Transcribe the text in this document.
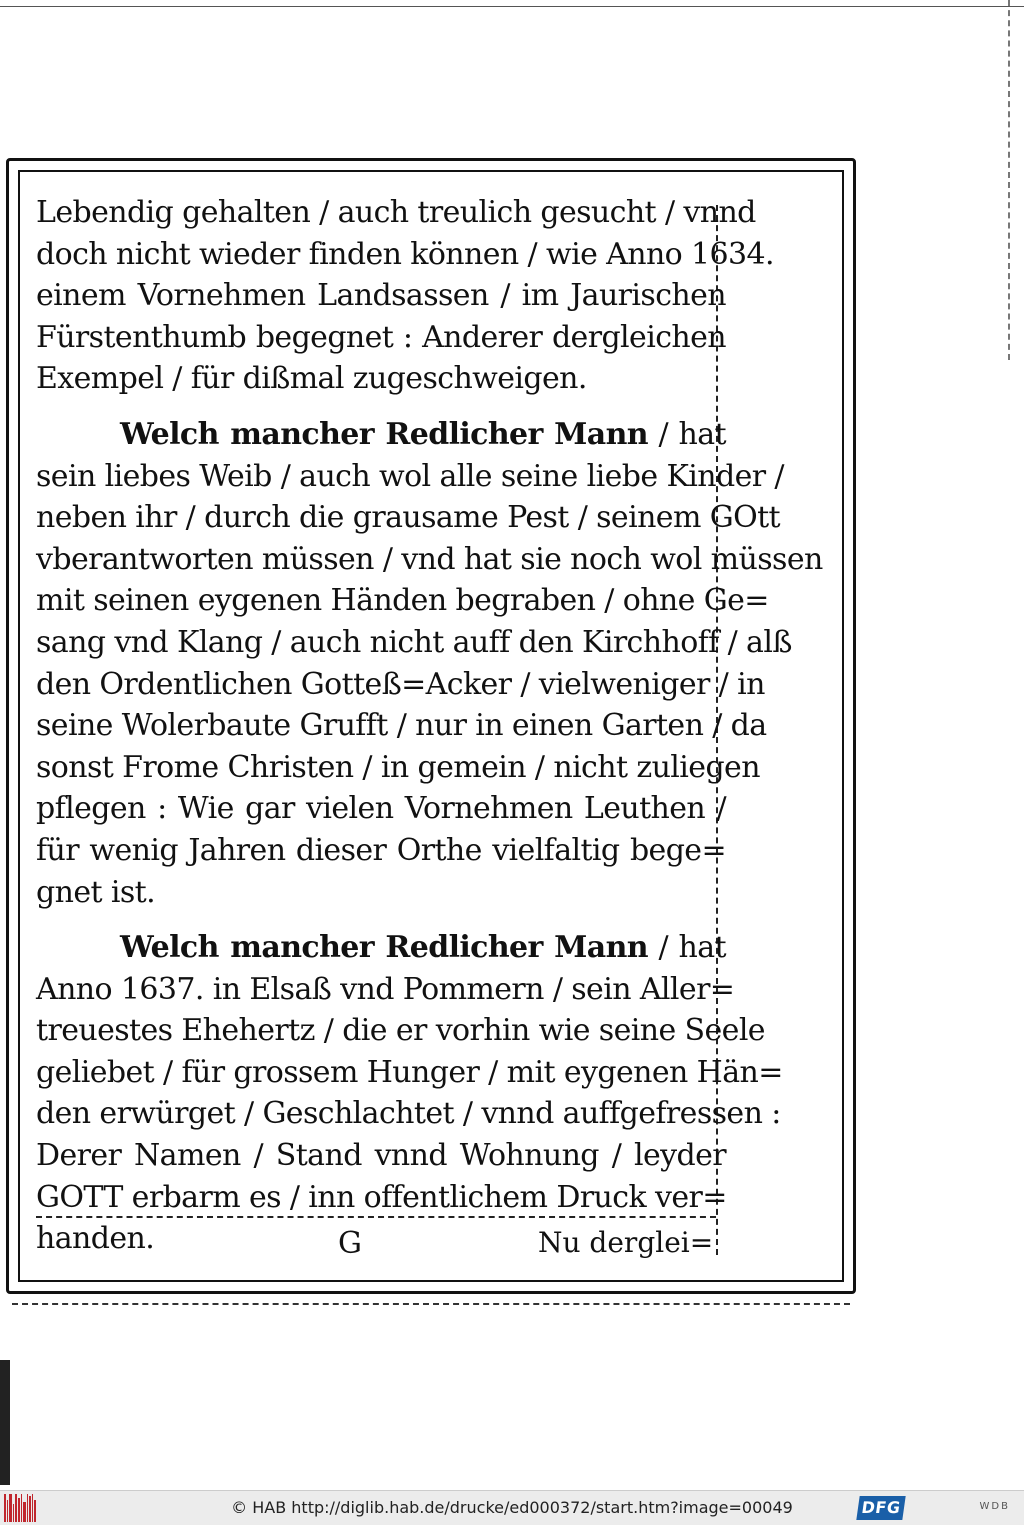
Lebendig gehalten / auch treulich gesucht / vnnd
doch nicht wieder finden können / wie Anno 1634.
einem Vornehmen Landsassen / im Jaurischen
Fürstenthumb begegnet : Anderer dergleichen
Exempel / für dißmal zugeschweigen.
Welch mancher Redlicher Mann / hat
sein liebes Weib / auch wol alle seine liebe Kinder /
neben ihr / durch die grausame Pest / seinem GOtt
vberantworten müssen / vnd hat sie noch wol müssen
mit seinen eygenen Händen begraben / ohne Ge=
sang vnd Klang / auch nicht auff den Kirchhoff / alß
den Ordentlichen Gotteß=Acker / vielweniger / in
seine Wolerbaute Grufft / nur in einen Garten / da
sonst Frome Christen / in gemein / nicht zuliegen
pflegen : Wie gar vielen Vornehmen Leuthen /
für wenig Jahren dieser Orthe vielfaltig bege=
gnet ist.
Welch mancher Redlicher Mann / hat
Anno 1637. in Elsaß vnd Pommern / sein Aller=
treuestes Ehehertz / die er vorhin wie seine Seele
geliebet / für grossem Hunger / mit eygenen Hän=
den erwürget / Geschlachtet / vnnd auffgefressen :
Derer Namen / Stand vnnd Wohnung / leyder
GOTT erbarm es / inn offentlichem Druck ver=
handen.	G	Nu derglei=
© HAB http://diglib.hab.de/drucke/ed000372/start.htm?image=00049	DFG	WDB
